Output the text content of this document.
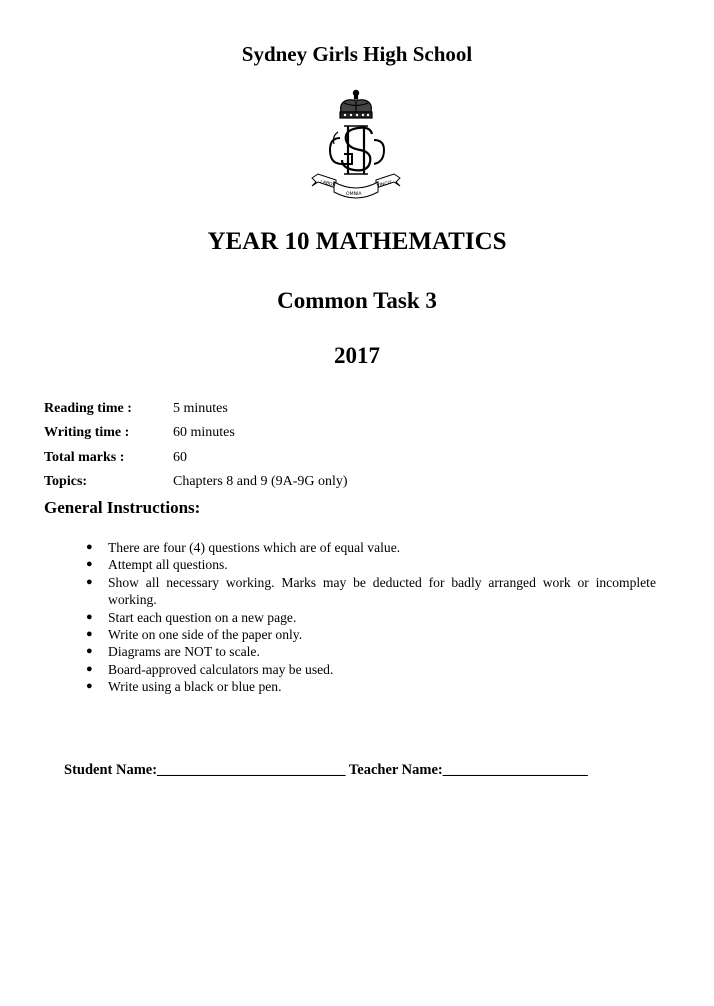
Sydney Girls High School
LABOR
OMNIA
VINCIT
YEAR 10 MATHEMATICS
Common Task 3
2017
Reading time :	5 minutes
Writing time :	60 minutes
Total marks :	60
Topics:	Chapters 8 and 9 (9A-9G only)
General Instructions:
● There are four (4) questions which are of equal value.
● Attempt all questions.
● Show all necessary working. Marks may be deducted for badly arranged work or incomplete working.
● Start each question on a new page.
● Write on one side of the paper only.
● Diagrams are NOT to scale.
● Board-approved calculators may be used.
● Write using a black or blue pen.
Student Name:__________________________ Teacher Name:____________________
